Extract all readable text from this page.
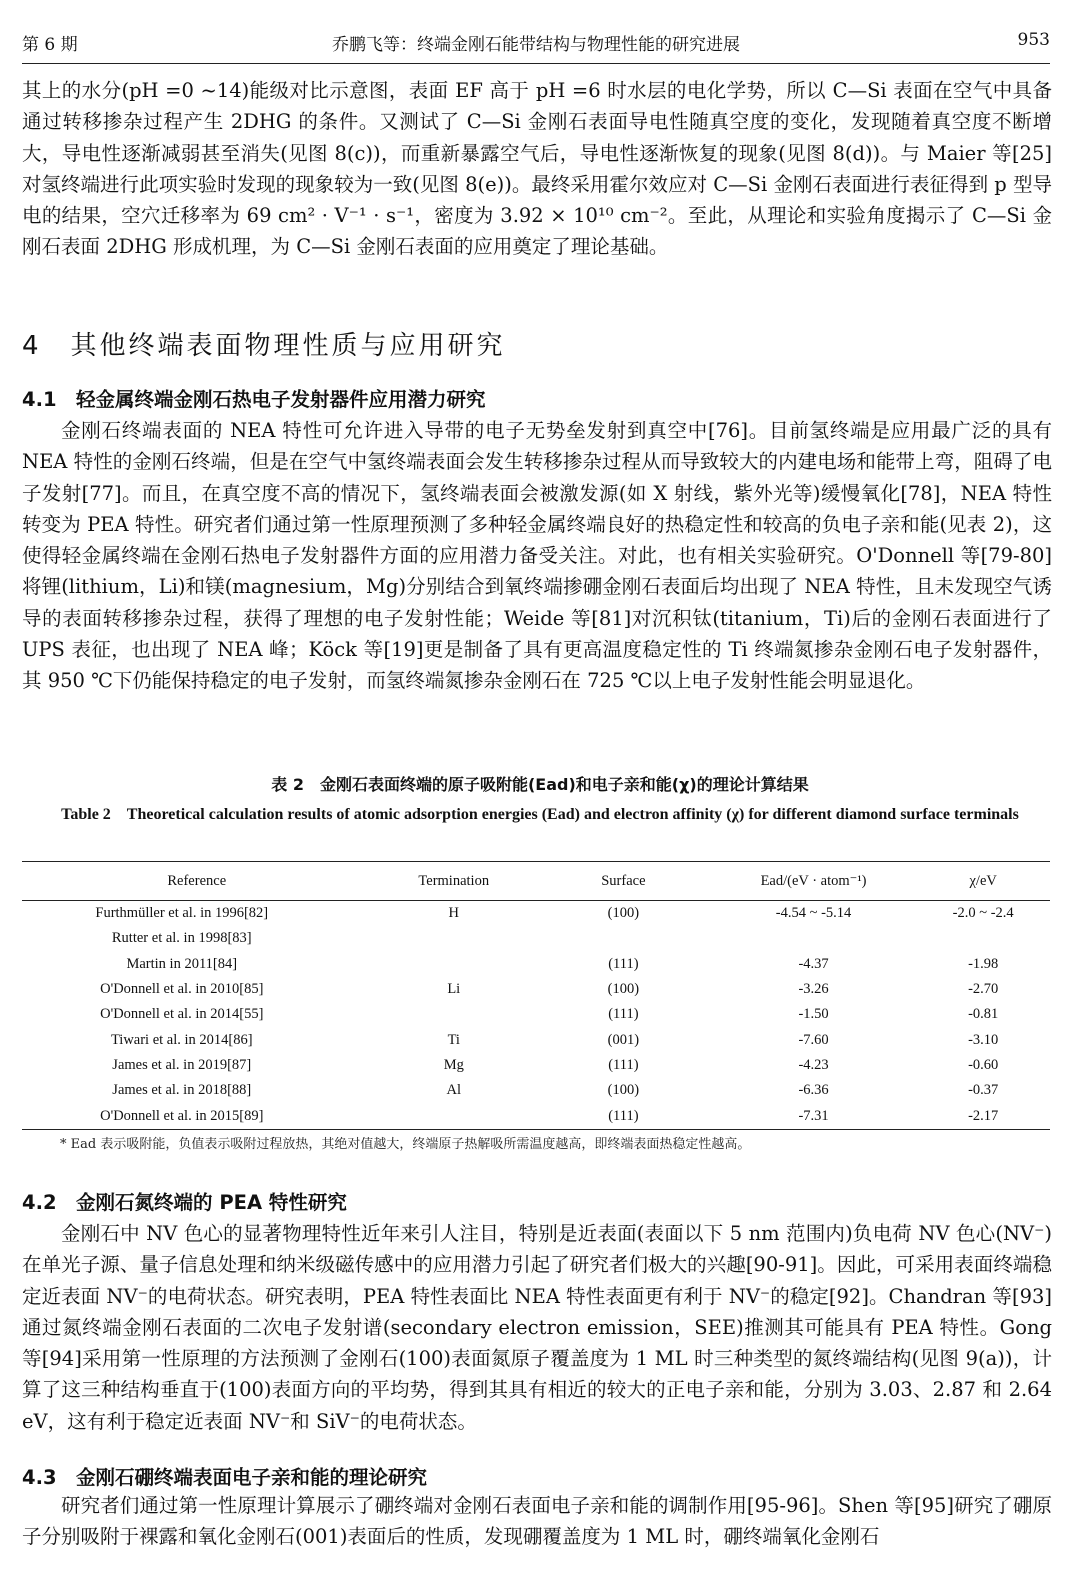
第 6 期	乔鹏飞等：终端金刚石能带结构与物理性能的研究进展	953

其上的水分(pH =0 ~14)能级对比示意图，表面 EF 高于 pH =6 时水层的电化学势，所以 C—Si 表面在空气中具备通过转移掺杂过程产生 2DHG 的条件。又测试了 C—Si 金刚石表面导电性随真空度的变化，发现随着真空度不断增大，导电性逐渐减弱甚至消失(见图 8(c))，而重新暴露空气后，导电性逐渐恢复的现象(见图 8(d))。与 Maier 等[25]对氢终端进行此项实验时发现的现象较为一致(见图 8(e))。最终采用霍尔效应对 C—Si 金刚石表面进行表征得到 p 型导电的结果，空穴迁移率为 69 cm² · V⁻¹ · s⁻¹，密度为 3.92 × 10¹⁰ cm⁻²。至此，从理论和实验角度揭示了 C—Si 金刚石表面 2DHG 形成机理，为 C—Si 金刚石表面的应用奠定了理论基础。

4　其他终端表面物理性质与应用研究
4.1　轻金属终端金刚石热电子发射器件应用潜力研究

金刚石终端表面的 NEA 特性可允许进入导带的电子无势垒发射到真空中[76]。目前氢终端是应用最广泛的具有 NEA 特性的金刚石终端，但是在空气中氢终端表面会发生转移掺杂过程从而导致较大的内建电场和能带上弯，阻碍了电子发射[77]。而且，在真空度不高的情况下，氢终端表面会被激发源(如 X 射线，紫外光等)缓慢氧化[78]，NEA 特性转变为 PEA 特性。研究者们通过第一性原理预测了多种轻金属终端良好的热稳定性和较高的负电子亲和能(见表 2)，这使得轻金属终端在金刚石热电子发射器件方面的应用潜力备受关注。对此，也有相关实验研究。O'Donnell 等[79-80]将锂(lithium，Li)和镁(magnesium，Mg)分别结合到氧终端掺硼金刚石表面后均出现了 NEA 特性，且未发现空气诱导的表面转移掺杂过程，获得了理想的电子发射性能；Weide 等[81]对沉积钛(titanium，Ti)后的金刚石表面进行了 UPS 表征，也出现了 NEA 峰；Köck 等[19]更是制备了具有更高温度稳定性的 Ti 终端氮掺杂金刚石电子发射器件，其 950 ℃下仍能保持稳定的电子发射，而氢终端氮掺杂金刚石在 725 ℃以上电子发射性能会明显退化。

表 2　金刚石表面终端的原子吸附能(Ead)和电子亲和能(χ)的理论计算结果
Table 2　Theoretical calculation results of atomic adsorption energies (Ead) and electron affinity (χ) for different diamond surface terminals
Reference	Termination	Surface	Ead/(eV · atom⁻¹)	χ/eV
Furthmüller et al. in 1996[82]	H	(100)	-4.54 ~ -5.14	-2.0 ~ -2.4
Rutter et al. in 1998[83]				
Martin in 2011[84]		(111)	-4.37	-1.98
O'Donnell et al. in 2010[85]	Li	(100)	-3.26	-2.70
O'Donnell et al. in 2014[55]		(111)	-1.50	-0.81
Tiwari et al. in 2014[86]	Ti	(001)	-7.60	-3.10
James et al. in 2019[87]	Mg	(111)	-4.23	-0.60
James et al. in 2018[88]	Al	(100)	-6.36	-0.37
O'Donnell et al. in 2015[89]		(111)	-7.31	-2.17
* Ead 表示吸附能，负值表示吸附过程放热，其绝对值越大，终端原子热解吸所需温度越高，即终端表面热稳定性越高。
4.2　金刚石氮终端的 PEA 特性研究

金刚石中 NV 色心的显著物理特性近年来引人注目，特别是近表面(表面以下 5 nm 范围内)负电荷 NV 色心(NV⁻)在单光子源、量子信息处理和纳米级磁传感中的应用潜力引起了研究者们极大的兴趣[90-91]。因此，可采用表面终端稳定近表面 NV⁻的电荷状态。研究表明，PEA 特性表面比 NEA 特性表面更有利于 NV⁻的稳定[92]。Chandran 等[93]通过氮终端金刚石表面的二次电子发射谱(secondary electron emission，SEE)推测其可能具有 PEA 特性。Gong 等[94]采用第一性原理的方法预测了金刚石(100)表面氮原子覆盖度为 1 ML 时三种类型的氮终端结构(见图 9(a))，计算了这三种结构垂直于(100)表面方向的平均势，得到其具有相近的较大的正电子亲和能，分别为 3.03、2.87 和 2.64 eV，这有利于稳定近表面 NV⁻和 SiV⁻的电荷状态。

4.3　金刚石硼终端表面电子亲和能的理论研究

研究者们通过第一性原理计算展示了硼终端对金刚石表面电子亲和能的调制作用[95-96]。Shen 等[95]研究了硼原子分别吸附于裸露和氧化金刚石(001)表面后的性质，发现硼覆盖度为 1 ML 时，硼终端氧化金刚石
